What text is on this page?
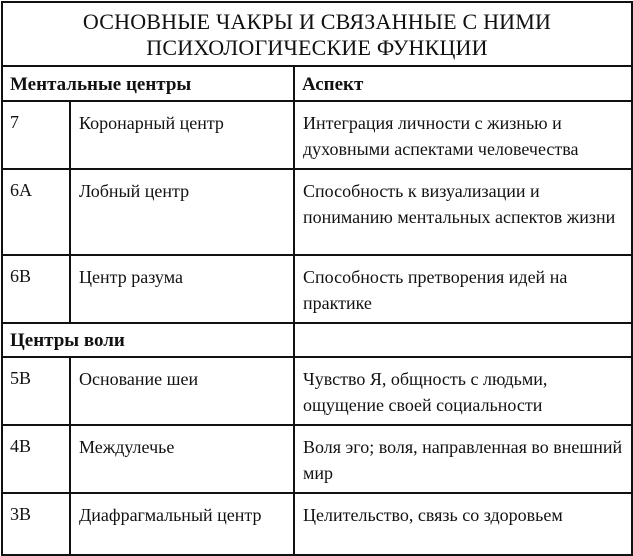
ОСНОВНЫЕ ЧАКРЫ И СВЯЗАННЫЕ С НИМИ
ПСИХОЛОГИЧЕСКИЕ ФУНКЦИИ		

Ментальные центры		Аспект

7	Коронарный центр	Интеграция личности с жизнью и духовными аспектами человечества

6A	Лобный центр	Способность к визуализации и пониманию ментальных аспектов жизни

6B	Центр разума	Способность претворения идей на практике

Центры воли		

5B	Основание шеи	Чувство Я, общность с людьми, ощущение своей социальности

4B	Междулечье	Воля эго; воля, направленная во внешний мир

3B	Диафрагмальный центр	Целительство, связь со здоровьем
